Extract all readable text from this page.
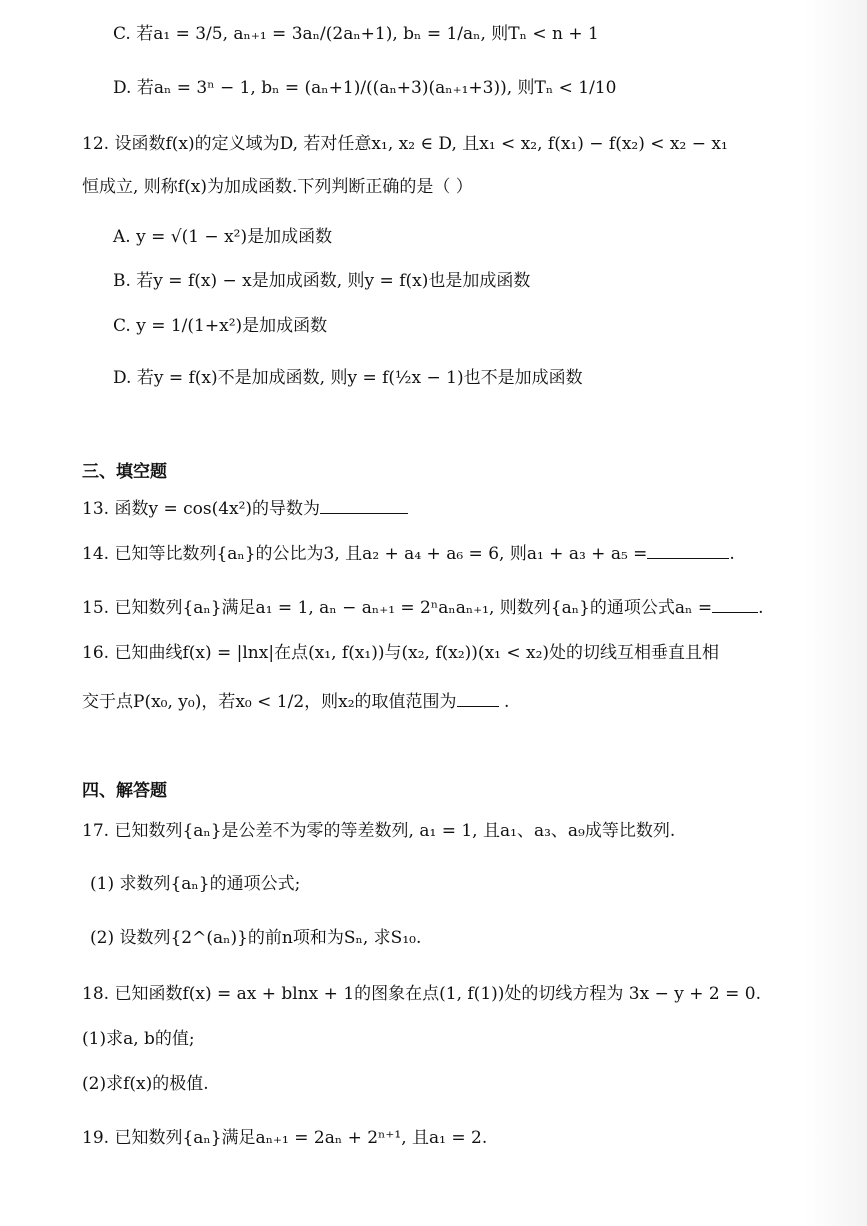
C. 若a₁ = 3/5, aₙ₊₁ = 3aₙ/(2aₙ+1), bₙ = 1/aₙ, 则Tₙ < n + 1
D. 若aₙ = 3ⁿ − 1, bₙ = (aₙ+1)/((aₙ+3)(aₙ₊₁+3)), 则Tₙ < 1/10
12. 设函数f(x)的定义域为D, 若对任意x₁, x₂ ∈ D, 且x₁ < x₂, f(x₁) − f(x₂) < x₂ − x₁
恒成立, 则称f(x)为加成函数.下列判断正确的是（ ）
A. y = √(1 − x²)是加成函数
B. 若y = f(x) − x是加成函数, 则y = f(x)也是加成函数
C. y = 1/(1+x²)是加成函数
D. 若y = f(x)不是加成函数, 则y = f(½x − 1)也不是加成函数
三、填空题
13. 函数y = cos(4x²)的导数为
14. 已知等比数列{aₙ}的公比为3, 且a₂ + a₄ + a₆ = 6, 则a₁ + a₃ + a₅ =	.
15. 已知数列{aₙ}满足a₁ = 1, aₙ − aₙ₊₁ = 2ⁿaₙaₙ₊₁, 则数列{aₙ}的通项公式aₙ =	.
16. 已知曲线f(x) = |lnx|在点(x₁, f(x₁))与(x₂, f(x₂))(x₁ < x₂)处的切线互相垂直且相
交于点P(x₀, y₀)，若x₀ < 1/2，则x₂的取值范围为 .
四、解答题
17. 已知数列{aₙ}是公差不为零的等差数列, a₁ = 1, 且a₁、a₃、a₉成等比数列.
(1) 求数列{aₙ}的通项公式;
(2) 设数列{2^(aₙ)}的前n项和为Sₙ, 求S₁₀.
18. 已知函数f(x) = ax + blnx + 1的图象在点(1, f(1))处的切线方程为 3x − y + 2 = 0.
(1)求a, b的值;
(2)求f(x)的极值.
19. 已知数列{aₙ}满足aₙ₊₁ = 2aₙ + 2ⁿ⁺¹, 且a₁ = 2.
